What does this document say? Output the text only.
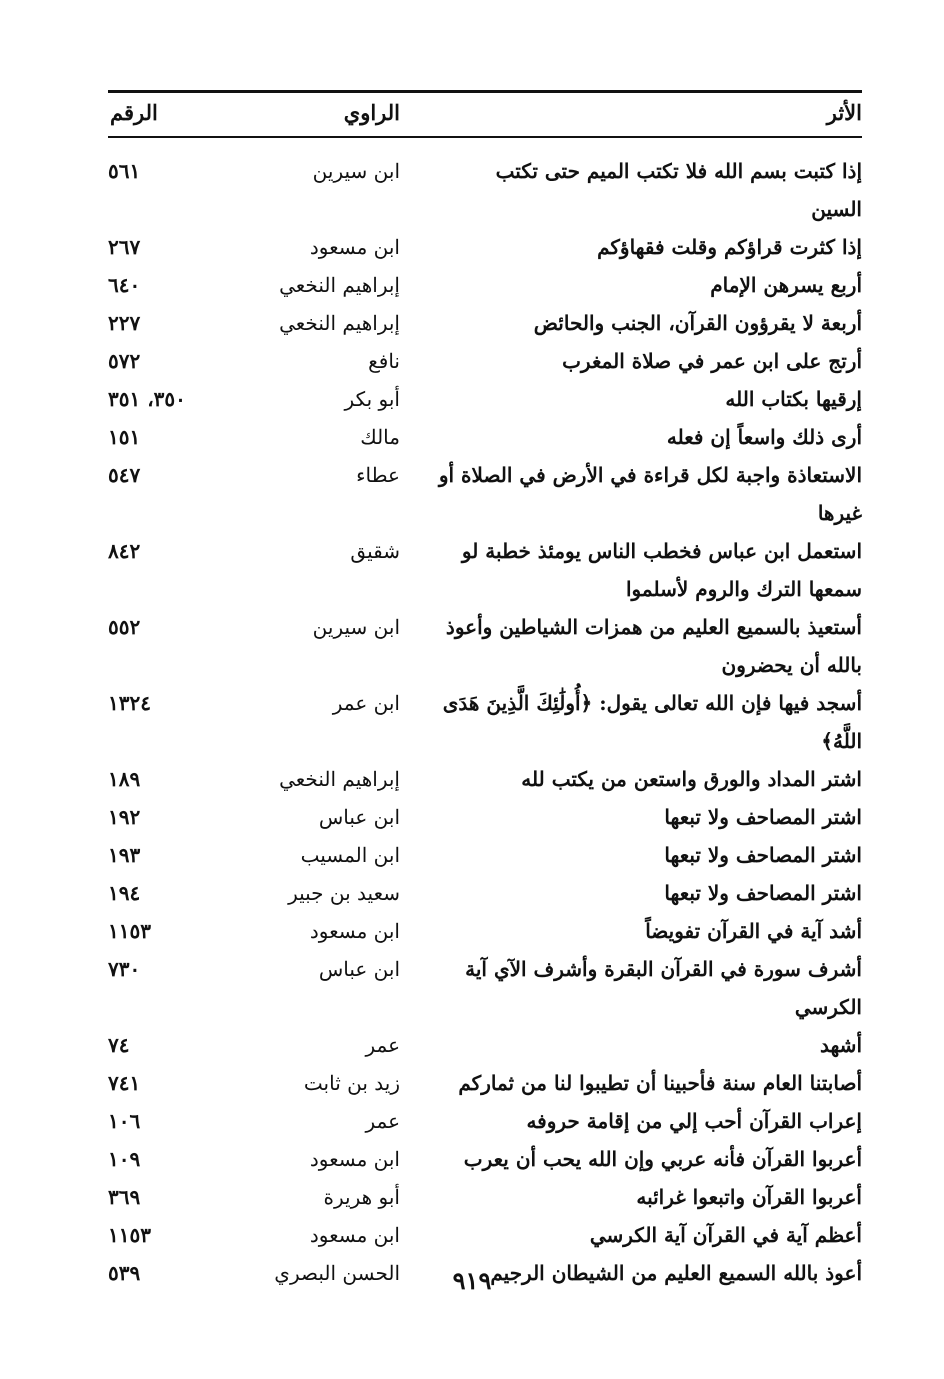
الأثر
الراوي
الرقم
إذا كتبت بسم الله فلا تكتب الميم حتى تكتب السين
ابن سيرين
٥٦١
إذا كثرت قراؤكم وقلت فقهاؤكم
ابن مسعود
٢٦٧
أربع يسرهن الإمام
إبراهيم النخعي
٦٤٠
أربعة لا يقرؤون القرآن، الجنب والحائض
إبراهيم النخعي
٢٢٧
أرتج على ابن عمر في صلاة المغرب
نافع
٥٧٢
إرقيها بكتاب الله
أبو بكر
٣٥٠، ٣٥١
أرى ذلك واسعاً إن فعله
مالك
١٥١
الاستعاذة واجبة لكل قراءة في الأرض في الصلاة أو غيرها
عطاء
٥٤٧
استعمل ابن عباس فخطب الناس يومئذ خطبة لو سمعها الترك والروم لأسلموا
شقيق
٨٤٢
أستعيذ بالسميع العليم من همزات الشياطين وأعوذ بالله أن يحضرون
ابن سيرين
٥٥٢
أسجد فيها فإن الله تعالى يقول: ﴿أُولَٰئِكَ الَّذِينَ هَدَى اللَّهُ﴾
ابن عمر
١٣٢٤
اشتر المداد والورق واستعن من يكتب لله
إبراهيم النخعي
١٨٩
اشتر المصاحف ولا تبعها
ابن عباس
١٩٢
اشتر المصاحف ولا تبعها
ابن المسيب
١٩٣
اشتر المصاحف ولا تبعها
سعيد بن جبير
١٩٤
أشد آية في القرآن تفويضاً
ابن مسعود
١١٥٣
أشرف سورة في القرآن البقرة وأشرف الآي آية الكرسي
ابن عباس
٧٣٠
أشهد
عمر
٧٤
أصابتنا العام سنة فأحبينا أن تطيبوا لنا من ثماركم
زيد بن ثابت
٧٤١
إعراب القرآن أحب إلي من إقامة حروفه
عمر
١٠٦
أعربوا القرآن فأنه عربي وإن الله يحب أن يعرب
ابن مسعود
١٠٩
أعربوا القرآن واتبعوا غرائبه
أبو هريرة
٣٦٩
أعظم آية في القرآن آية الكرسي
ابن مسعود
١١٥٣
أعوذ بالله السميع العليم من الشيطان الرجيم
الحسن البصري
٥٣٩	٩١٩
